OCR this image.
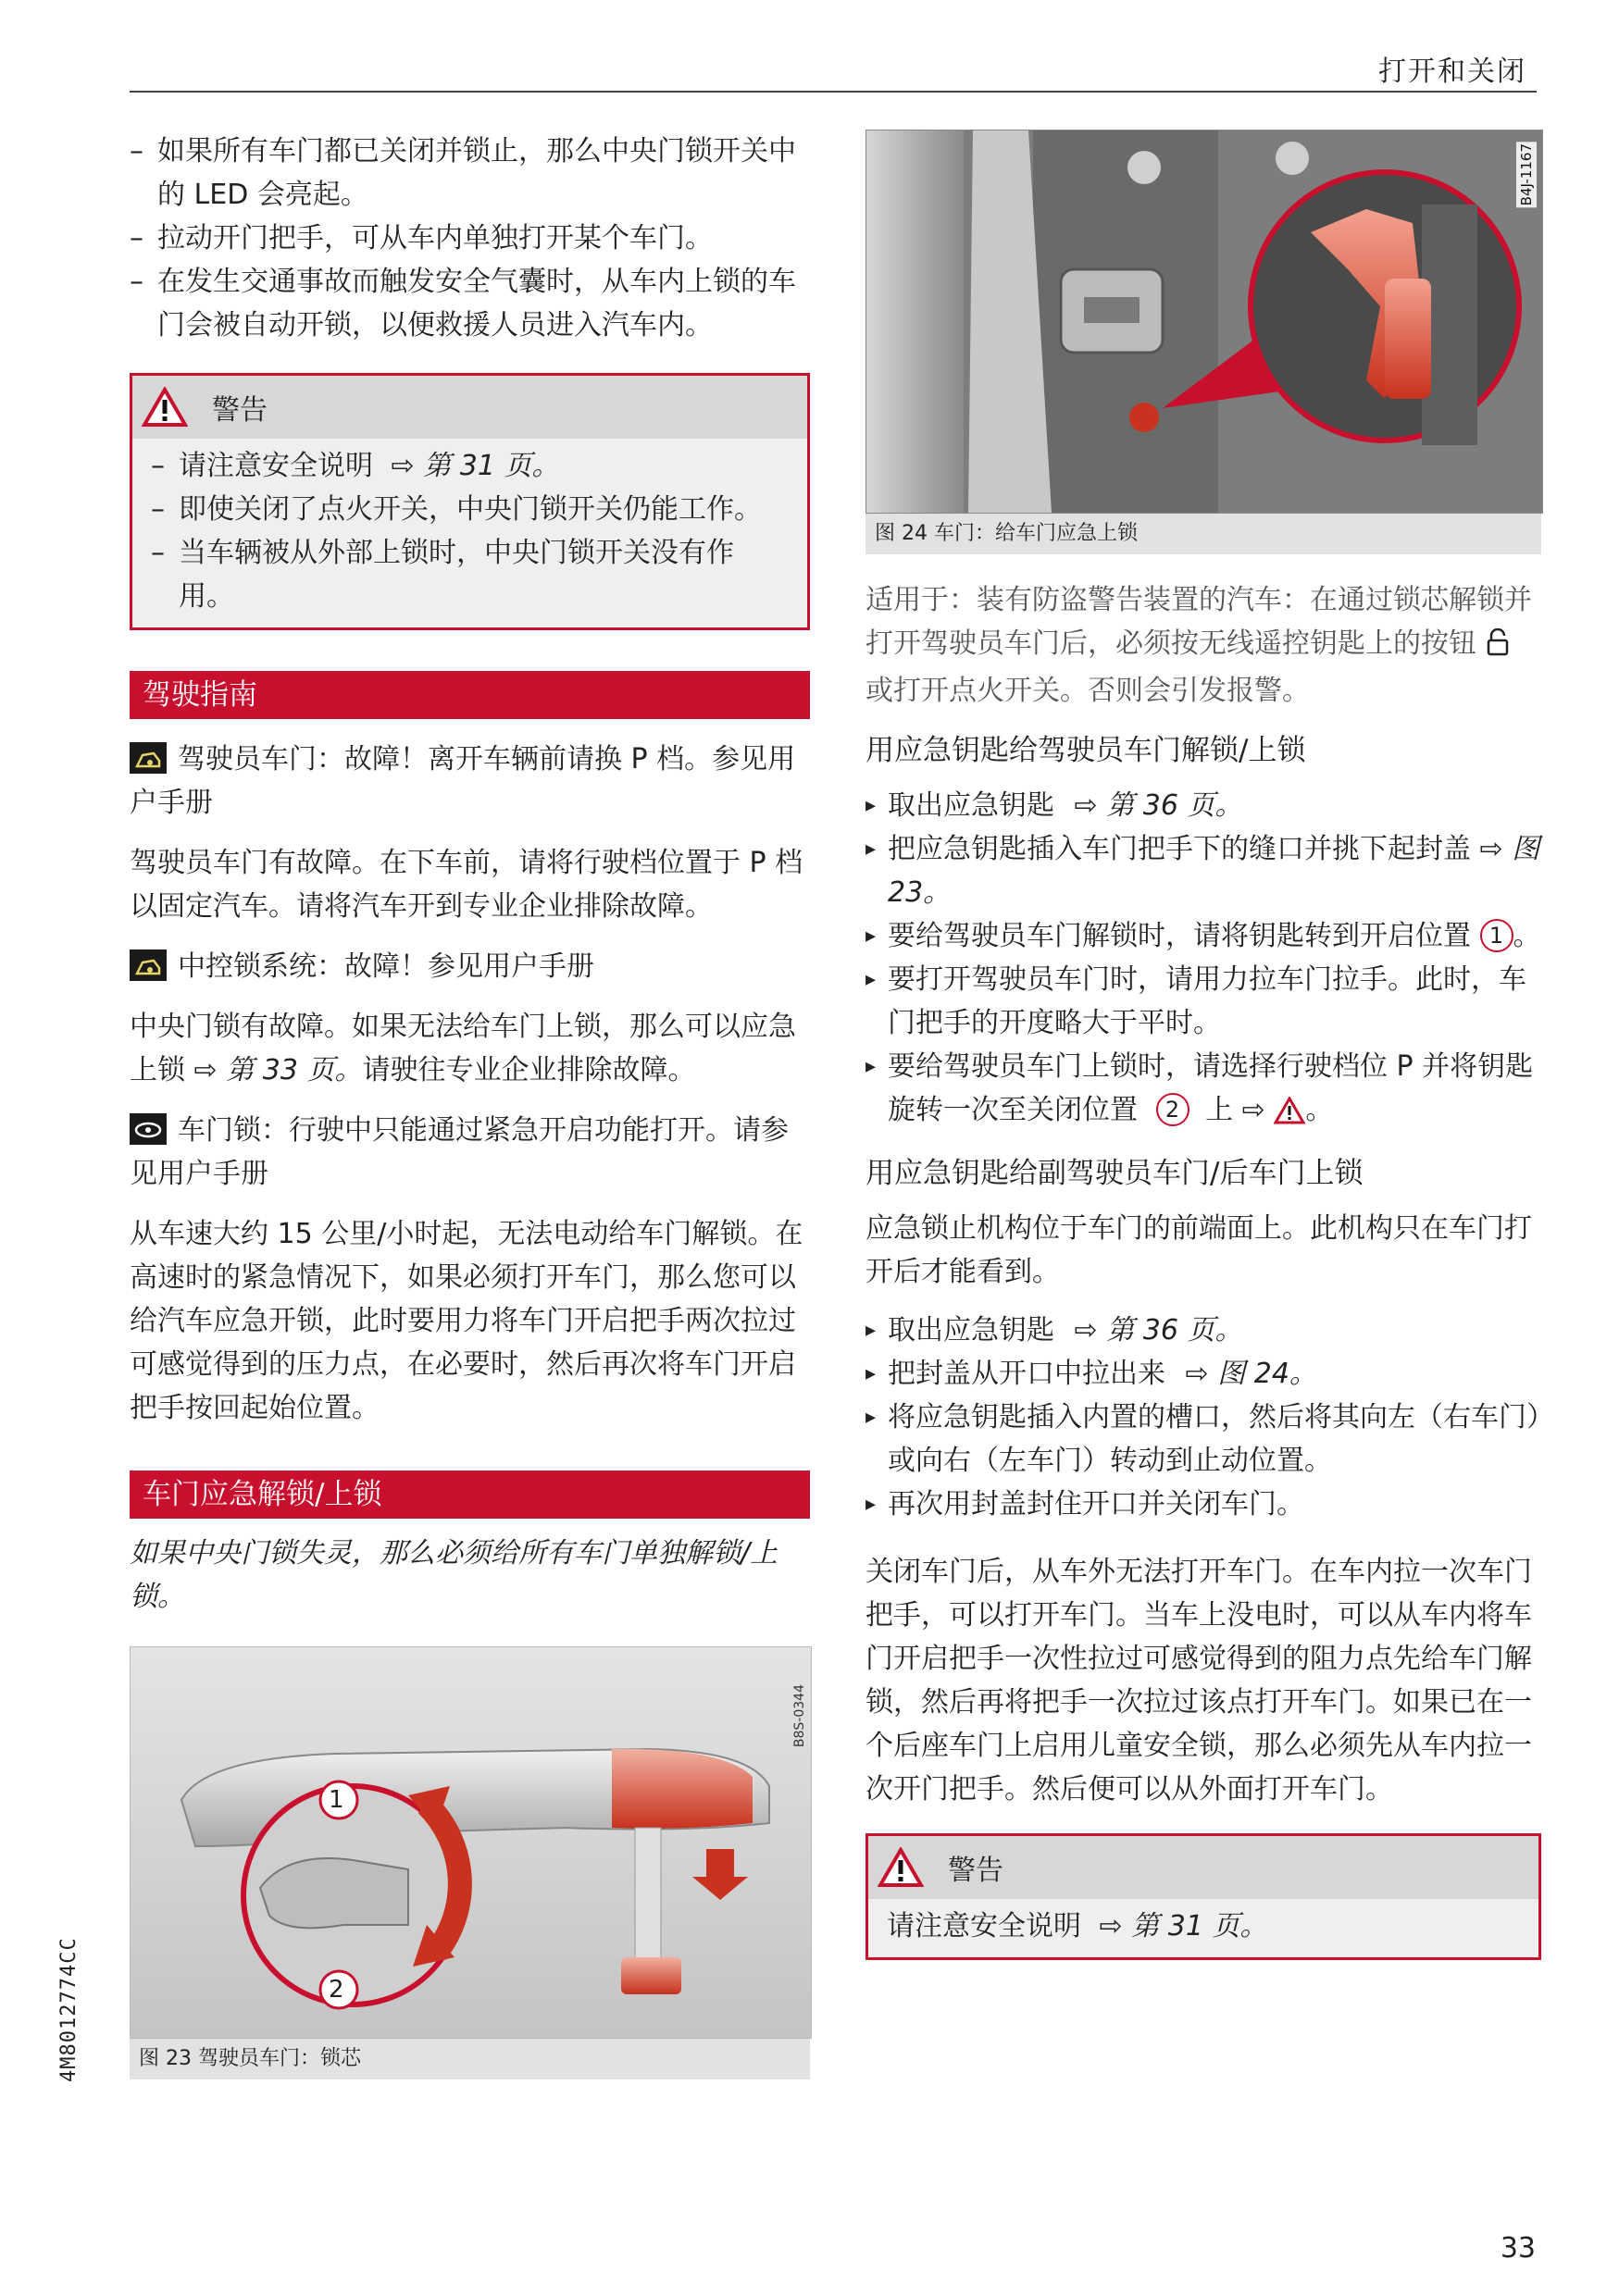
打开和关闭
– 如果所有车门都已关闭并锁止，那么中央门锁开关中的 LED 会亮起。
– 拉动开门把手，可从车内单独打开某个车门。
– 在发生交通事故而触发安全气囊时，从车内上锁的车门会被自动开锁，以便救援人员进入汽车内。
警告
– 请注意安全说明 ⇨ 第 31 页。
– 即使关闭了点火开关，中央门锁开关仍能工作。
– 当车辆被从外部上锁时，中央门锁开关没有作用。
驾驶指南
驾驶员车门：故障！离开车辆前请换 P 档。参见用户手册
驾驶员车门有故障。在下车前，请将行驶档位置于 P 档以固定汽车。请将汽车开到专业企业排除故障。
中控锁系统：故障！参见用户手册
中央门锁有故障。如果无法给车门上锁，那么可以应急上锁 ⇨ 第 33 页。请驶往专业企业排除故障。
车门锁：行驶中只能通过紧急开启功能打开。请参见用户手册
从车速大约 15 公里/小时起，无法电动给车门解锁。在高速时的紧急情况下，如果必须打开车门，那么您可以给汽车应急开锁，此时要用力将车门开启把手两次拉过可感觉得到的压力点，在必要时，然后再次将车门开启把手按回起始位置。
车门应急解锁/上锁
如果中央门锁失灵，那么必须给所有车门单独解锁/上锁。
1
2
B8S-0344
图 23 驾驶员车门：锁芯
B4J-1167
图 24 车门：给车门应急上锁
适用于：装有防盗警告装置的汽车：在通过锁芯解锁并打开驾驶员车门后，必须按无线遥控钥匙上的按钮 或打开点火开关。否则会引发报警。
用应急钥匙给驾驶员车门解锁/上锁
▸ 取出应急钥匙 ⇨ 第 36 页。
▸ 把应急钥匙插入车门把手下的缝口并挑下起封盖 ⇨ 图 23。
▸ 要给驾驶员车门解锁时，请将钥匙转到开启位置 1 。
▸ 要打开驾驶员车门时，请用力拉车门拉手。此时，车门把手的开度略大于平时。
▸ 要给驾驶员车门上锁时，请选择行驶档位 P 并将钥匙旋转一次至关闭位置 2 上 ⇨ 。
用应急钥匙给副驾驶员车门/后车门上锁
应急锁止机构位于车门的前端面上。此机构只在车门打开后才能看到。
▸ 取出应急钥匙 ⇨ 第 36 页。
▸ 把封盖从开口中拉出来 ⇨ 图 24。
▸ 将应急钥匙插入内置的槽口，然后将其向左（右车门）或向右（左车门）转动到止动位置。
▸ 再次用封盖封住开口并关闭车门。
关闭车门后，从车外无法打开车门。在车内拉一次车门把手，可以打开车门。当车上没电时，可以从车内将车门开启把手一次性拉过可感觉得到的阻力点先给车门解锁，然后再将把手一次拉过该点打开车门。如果已在一个后座车门上启用儿童安全锁，那么必须先从车内拉一次开门把手。然后便可以从外面打开车门。
警告
请注意安全说明 ⇨ 第 31 页。
4M8012774CC
33
